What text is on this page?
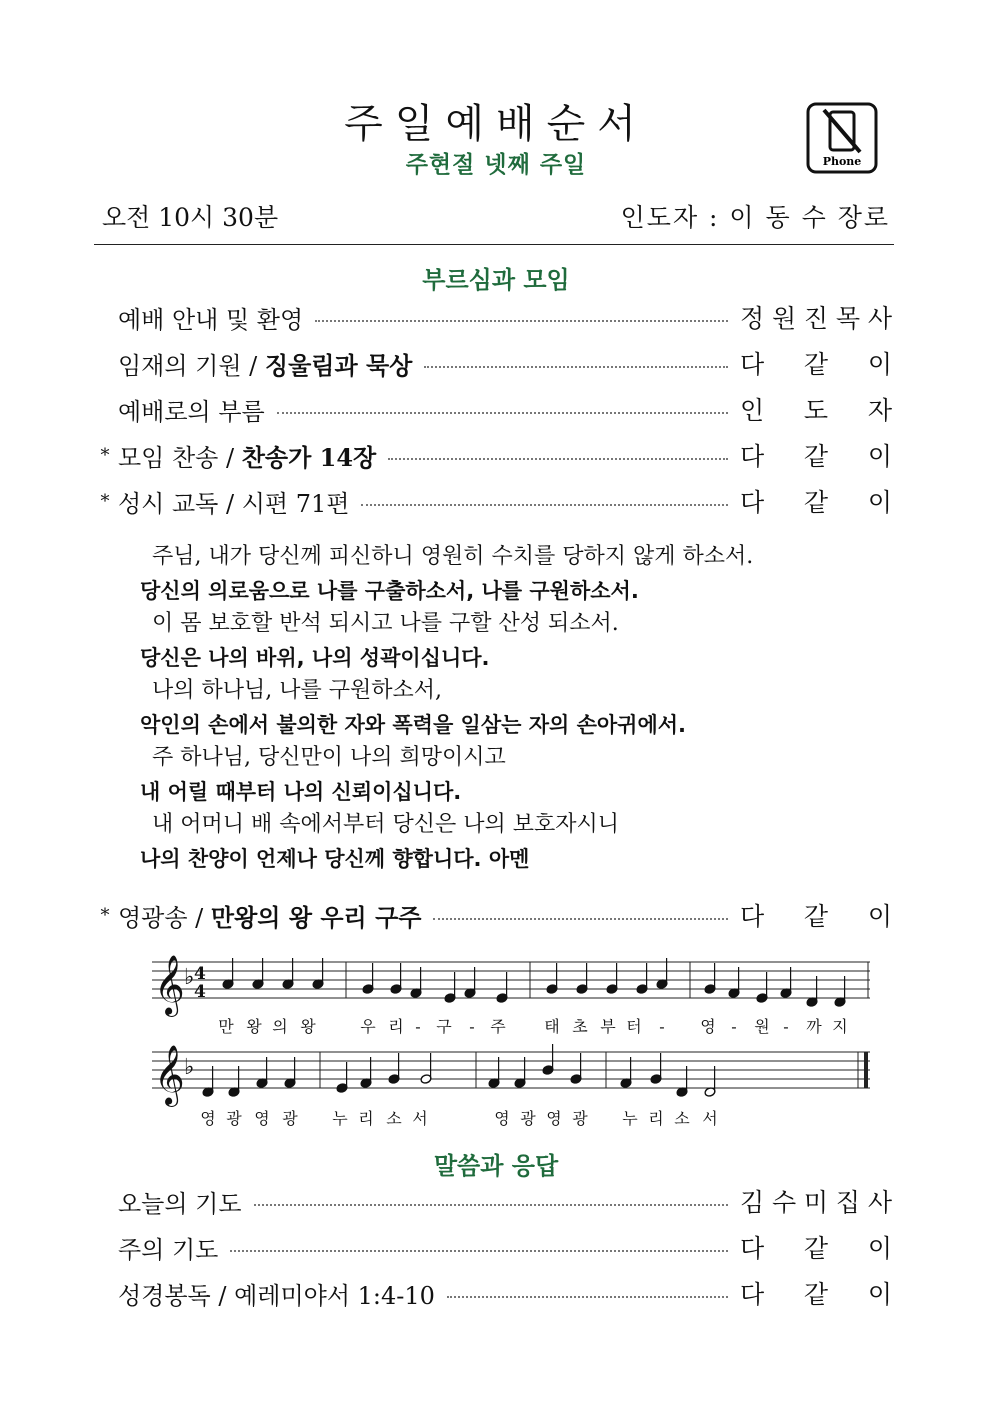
주일예배순서
주현절 넷째 주일	Phone
오전 10시 30분	인도자 : 이 동 수 장로
부르심과 모임
예배 안내 및 환영	정 원 진 목 사
임재의 기원 / 징울림과 묵상	다 같 이
예배로의 부름	인 도 자
* 모임 찬송 / 찬송가 14장	다 같 이
* 성시 교독 / 시편 71편	다 같 이
주님, 내가 당신께 피신하니 영원히 수치를 당하지 않게 하소서.
당신의 의로움으로 나를 구출하소서, 나를 구원하소서.
이 몸 보호할 반석 되시고 나를 구할 산성 되소서.
당신은 나의 바위, 나의 성곽이십니다.
나의 하나님, 나를 구원하소서,
악인의 손에서 불의한 자와 폭력을 일삼는 자의 손아귀에서.
주 하나님, 당신만이 나의 희망이시고
내 어릴 때부터 나의 신뢰이십니다.
내 어머니 배 속에서부터 당신은 나의 보호자시니
나의 찬양이 언제나 당신께 향합니다. 아멘
* 영광송 / 만왕의 왕 우리 구주	다 같 이
𝄞 ♭ 4
4
𝄞 ♭
만 왕 의 왕	우 리 - 구 - 주 태 초 부 터 - 영 - 원 - 까 지
영 광 영 광 누 리 소 서	영 광 영 광 누 리 소 서
말씀과 응답
오늘의 기도	김 수 미 집 사
주의 기도	다 같 이
성경봉독 / 예레미야서 1:4-10	다 같 이
